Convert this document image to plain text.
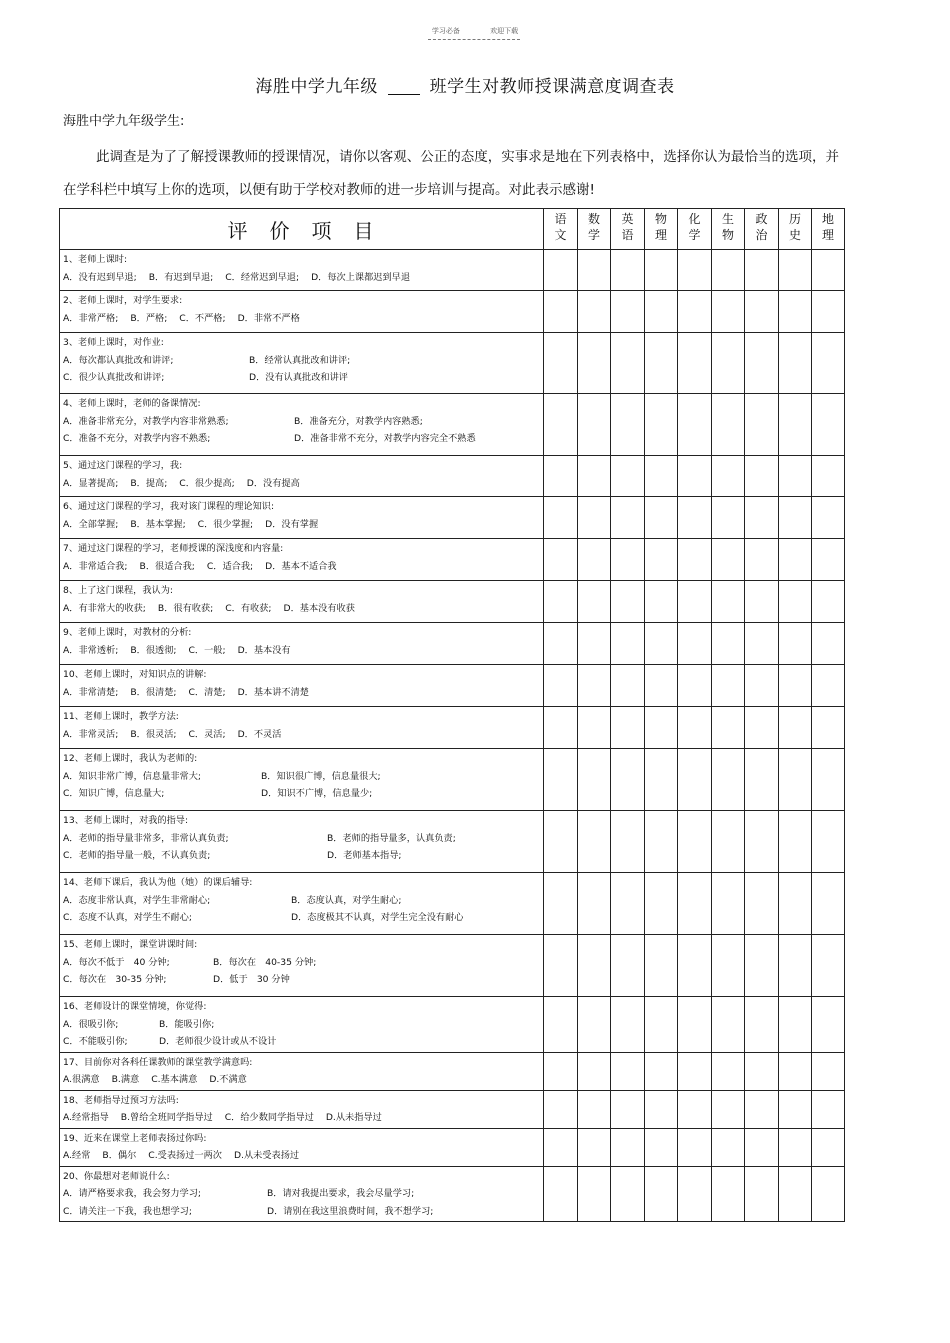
学习必备	欢迎下载
海胜中学九年级	班学生对教师授课满意度调查表
海胜中学九年级学生:
此调查是为了了解授课教师的授课情况，请你以客观、公正的态度，实事求是地在下列表格中，选择你认为最恰当的选项，并在学科栏中填写上你的选项，以便有助于学校对教师的进一步培训与提高。对此表示感谢!
评价项目	语文	数学	英语	物理	化学	生物	政治	历史	地理

1、老师上课时:
A．没有迟到早退; B．有迟到早退; C．经常迟到早退; D．每次上课都迟到早退									

2、老师上课时，对学生要求:
A．非常严格; B．严格; C．不严格; D．非常不严格									

3、老师上课时，对作业:
A．每次都认真批改和讲评; B．经常认真批改和讲评;
C．很少认真批改和讲评; D．没有认真批改和讲评									

4、老师上课时，老师的备课情况:
A．准备非常充分，对教学内容非常熟悉; B．准备充分，对教学内容熟悉;
C．准备不充分，对教学内容不熟悉; D．准备非常不充分，对教学内容完全不熟悉									

5、通过这门课程的学习，我:
A．显著提高; B．提高; C．很少提高; D．没有提高									

6、通过这门课程的学习，我对该门课程的理论知识:
A．全部掌握; B．基本掌握; C．很少掌握; D．没有掌握									

7、通过这门课程的学习，老师授课的深浅度和内容量:
A．非常适合我; B．很适合我; C．适合我; D．基本不适合我									

8、上了这门课程，我认为:
A．有非常大的收获; B．很有收获; C．有收获; D．基本没有收获									

9、老师上课时，对教材的分析:
A．非常透析; B．很透彻; C．一般; D．基本没有									

10、老师上课时，对知识点的讲解:
A．非常清楚; B．很清楚; C．清楚; D．基本讲不清楚									

11、老师上课时，教学方法:
A．非常灵活; B．很灵活; C．灵活; D．不灵活									

12、老师上课时，我认为老师的:
A．知识非常广博，信息量非常大; B．知识很广博，信息量很大;
C．知识广博，信息量大; D．知识不广博，信息量少;									

13、老师上课时，对我的指导:
A．老师的指导量非常多，非常认真负责; B．老师的指导量多，认真负责;
C．老师的指导量一般，不认真负责; D．老师基本指导;									

14、老师下课后，我认为他（她）的课后辅导:
A．态度非常认真，对学生非常耐心; B．态度认真，对学生耐心;
C．态度不认真，对学生不耐心; D．态度极其不认真，对学生完全没有耐心									

15、老师上课时，课堂讲课时间:
A．每次不低于　40 分钟; B．每次在　40-35 分钟;
C．每次在　30-35 分钟; D．低于　30 分钟									

16、老师设计的课堂情境，你觉得:
A．很吸引你; B．能吸引你;
C．不能吸引你; D．老师很少设计或从不设计									

17、目前你对各科任课教师的课堂教学满意吗:
A.很满意 B.满意 C.基本满意 D.不满意									

18、老师指导过预习方法吗:
A.经常指导 B.曾给全班同学指导过 C．给少数同学指导过 D.从未指导过									

19、近来在课堂上老师表扬过你吗:
A.经常 B．偶尔 C.受表扬过一两次 D.从未受表扬过									

20、你最想对老师说什么:
A．请严格要求我，我会努力学习; B．请对我提出要求，我会尽量学习;
C．请关注一下我，我也想学习; D．请别在我这里浪费时间，我不想学习;									
